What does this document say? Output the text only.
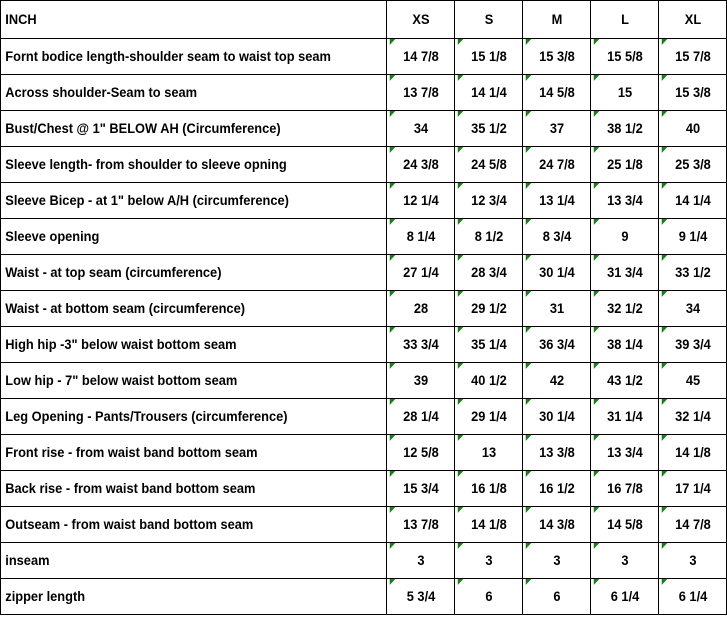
INCH	XS	S	M	L	XL
Fornt bodice length-shoulder seam to waist top seam	14 7/8	15 1/8	15 3/8	15 5/8	15 7/8
Across shoulder-Seam to seam	13 7/8	14 1/4	14 5/8	15	15 3/8
Bust/Chest @ 1" BELOW AH (Circumference)	34	35 1/2	37	38 1/2	40
Sleeve length- from shoulder to sleeve opning	24 3/8	24 5/8	24 7/8	25 1/8	25 3/8
Sleeve Bicep - at 1" below A/H (circumference)	12 1/4	12 3/4	13 1/4	13 3/4	14 1/4
Sleeve opening	8 1/4	8 1/2	8 3/4	9	9 1/4
Waist - at top seam (circumference)	27 1/4	28 3/4	30 1/4	31 3/4	33 1/2
Waist - at bottom seam (circumference)	28	29 1/2	31	32 1/2	34
High hip -3" below waist bottom seam	33 3/4	35 1/4	36 3/4	38 1/4	39 3/4
Low hip - 7" below waist bottom seam	39	40 1/2	42	43 1/2	45
Leg Opening - Pants/Trousers (circumference)	28 1/4	29 1/4	30 1/4	31 1/4	32 1/4
Front rise - from waist band bottom seam	12 5/8	13	13 3/8	13 3/4	14 1/8
Back rise - from waist band bottom seam	15 3/4	16 1/8	16 1/2	16 7/8	17 1/4
Outseam - from waist band bottom seam	13 7/8	14 1/8	14 3/8	14 5/8	14 7/8
inseam	3	3	3	3	3
zipper length	5 3/4	6	6	6 1/4	6 1/4
